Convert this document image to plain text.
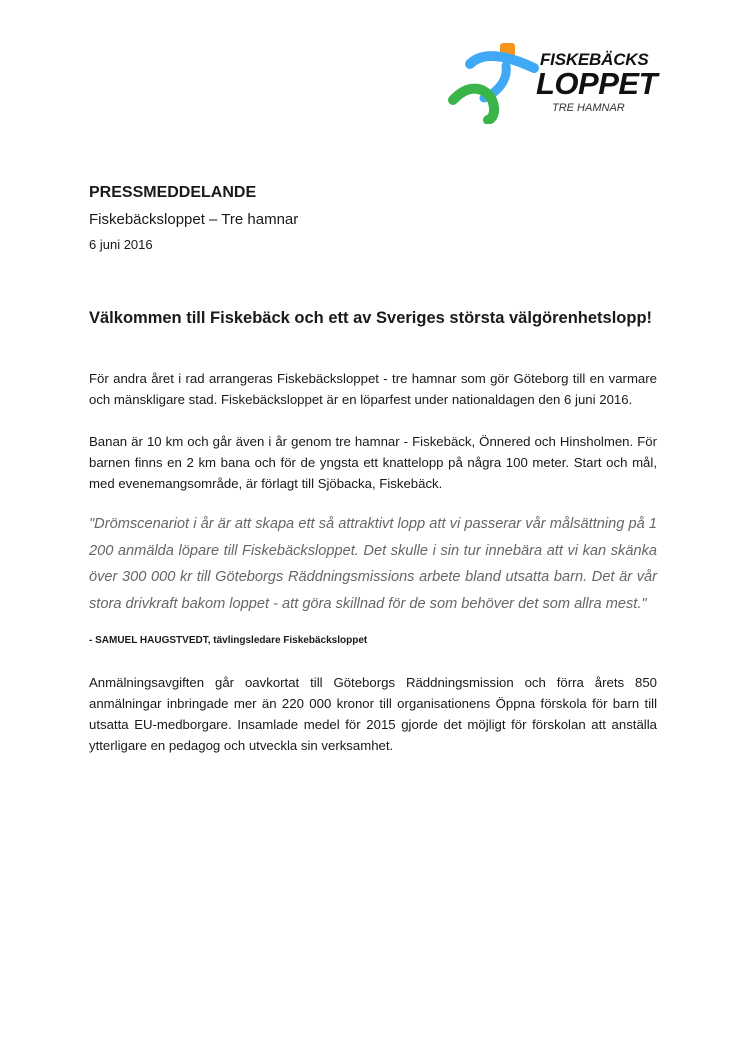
FISKEBÄCKS
LOPPET
TRE HAMNAR

PRESSMEDDELANDE

Fiskebäcksloppet – Tre hamnar

6 juni 2016

Välkommen till Fiskebäck och ett av Sveriges största välgörenhetslopp!

För andra året i rad arrangeras Fiskebäcksloppet - tre hamnar som gör Göteborg till en varmare och mänskligare stad. Fiskebäcksloppet är en löparfest under nationaldagen den 6 juni 2016.

Banan är 10 km och går även i år genom tre hamnar - Fiskebäck, Önnered och Hinsholmen. För barnen finns en 2 km bana och för de yngsta ett knattelopp på några 100 meter. Start och mål, med evenemangsområde, är förlagt till Sjöbacka, Fiskebäck.

"Drömscenariot i år är att skapa ett så attraktivt lopp att vi passerar vår målsättning på 1 200 anmälda löpare till Fiskebäcksloppet. Det skulle i sin tur innebära att vi kan skänka över 300 000 kr till Göteborgs Räddningsmissions arbete bland utsatta barn. Det är vår stora drivkraft bakom loppet - att göra skillnad för de som behöver det som allra mest."

- SAMUEL HAUGSTVEDT, tävlingsledare Fiskebäcksloppet

Anmälningsavgiften går oavkortat till Göteborgs Räddningsmission och förra årets 850 anmälningar inbringade mer än 220 000 kronor till organisationens Öppna förskola för barn till utsatta EU-medborgare. Insamlade medel för 2015 gjorde det möjligt för förskolan att anställa ytterligare en pedagog och utveckla sin verksamhet.
